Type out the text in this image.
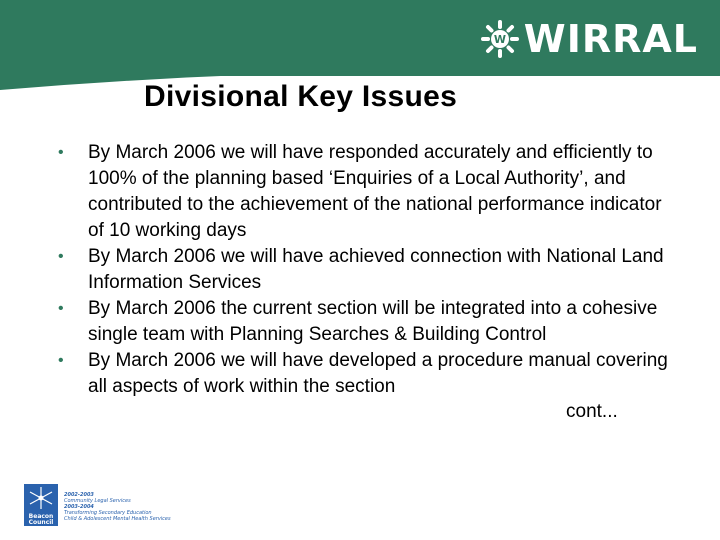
W WIRRAL
Divisional Key Issues
• By March 2006 we will have responded accurately and efficiently to 100% of the planning based ‘Enquiries of a Local Authority’, and contributed to the achievement of the national performance indicator of 10 working days
• By March 2006 we will have achieved connection with National Land Information Services
• By March 2006 the current section will be integrated into a cohesive single team with Planning Searches & Building Control
• By March 2006 we will have developed a procedure manual covering all aspects of work within the section
cont...
Beacon
Council
2002-2003
Community Legal Services
2003-2004
Transforming Secondary Education
Child & Adolescent Mental Health Services
